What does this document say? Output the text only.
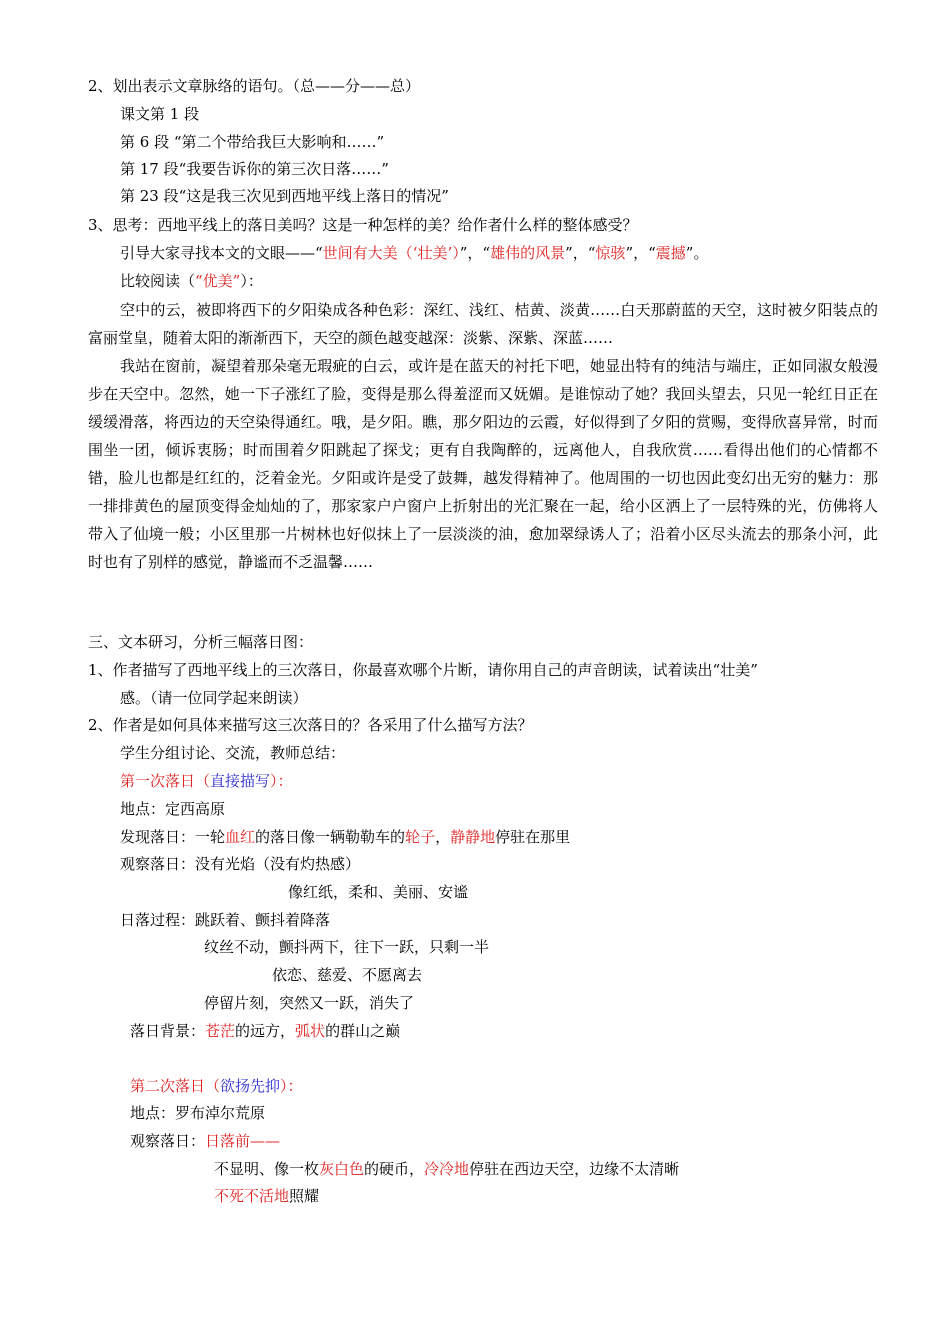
2、划出表示文章脉络的语句。（总——分——总）
课文第 1 段
第 6 段 “第二个带给我巨大影响和……”
第 17 段“我要告诉你的第三次日落……”
第 23 段“这是我三次见到西地平线上落日的情况”
3、思考：西地平线上的落日美吗？这是一种怎样的美？给作者什么样的整体感受？
引导大家寻找本文的文眼——“世间有大美（‘壮美’）”，“雄伟的风景”，“惊骇”，“震撼”。
比较阅读（“优美”）：
空中的云，被即将西下的夕阳染成各种色彩：深红、浅红、桔黄、淡黄……白天那蔚蓝的天空，这时被夕阳装点的富丽堂皇，随着太阳的渐渐西下，天空的颜色越变越深：淡紫、深紫、深蓝……
我站在窗前，凝望着那朵毫无瑕疵的白云，或许是在蓝天的衬托下吧，她显出特有的纯洁与端庄，正如同淑女般漫步在天空中。忽然，她一下子涨红了脸，变得是那么得羞涩而又妩媚。是谁惊动了她？我回头望去，只见一轮红日正在缓缓滑落，将西边的天空染得通红。哦，是夕阳。瞧，那夕阳边的云霞，好似得到了夕阳的赏赐，变得欣喜异常，时而围坐一团，倾诉衷肠；时而围着夕阳跳起了探戈；更有自我陶醉的，远离他人，自我欣赏……看得出他们的心情都不错，脸儿也都是红红的，泛着金光。夕阳或许是受了鼓舞，越发得精神了。他周围的一切也因此变幻出无穷的魅力：那一排排黄色的屋顶变得金灿灿的了，那家家户户窗户上折射出的光汇聚在一起，给小区洒上了一层特殊的光，仿佛将人带入了仙境一般；小区里那一片树林也好似抹上了一层淡淡的油，愈加翠绿诱人了；沿着小区尽头流去的那条小河，此时也有了别样的感觉，静谧而不乏温馨……
三、文本研习，分析三幅落日图：
1、作者描写了西地平线上的三次落日，你最喜欢哪个片断，请你用自己的声音朗读，试着读出“壮美”
感。（请一位同学起来朗读）
2、作者是如何具体来描写这三次落日的？各采用了什么描写方法？
学生分组讨论、交流，教师总结：
第一次落日（直接描写）：
地点：定西高原
发现落日：一轮血红的落日像一辆勒勒车的轮子，静静地停驻在那里
观察落日：没有光焰（没有灼热感）
像红纸，柔和、美丽、安谧
日落过程：跳跃着、颤抖着降落
纹丝不动，颤抖两下，往下一跃，只剩一半
依恋、慈爱、不愿离去
停留片刻，突然又一跃，消失了
落日背景：苍茫的远方，弧状的群山之巅
第二次落日（欲扬先抑）：
地点：罗布淖尔荒原
观察落日：日落前——
不显明、像一枚灰白色的硬币，冷冷地停驻在西边天空，边缘不太清晰
不死不活地照耀
